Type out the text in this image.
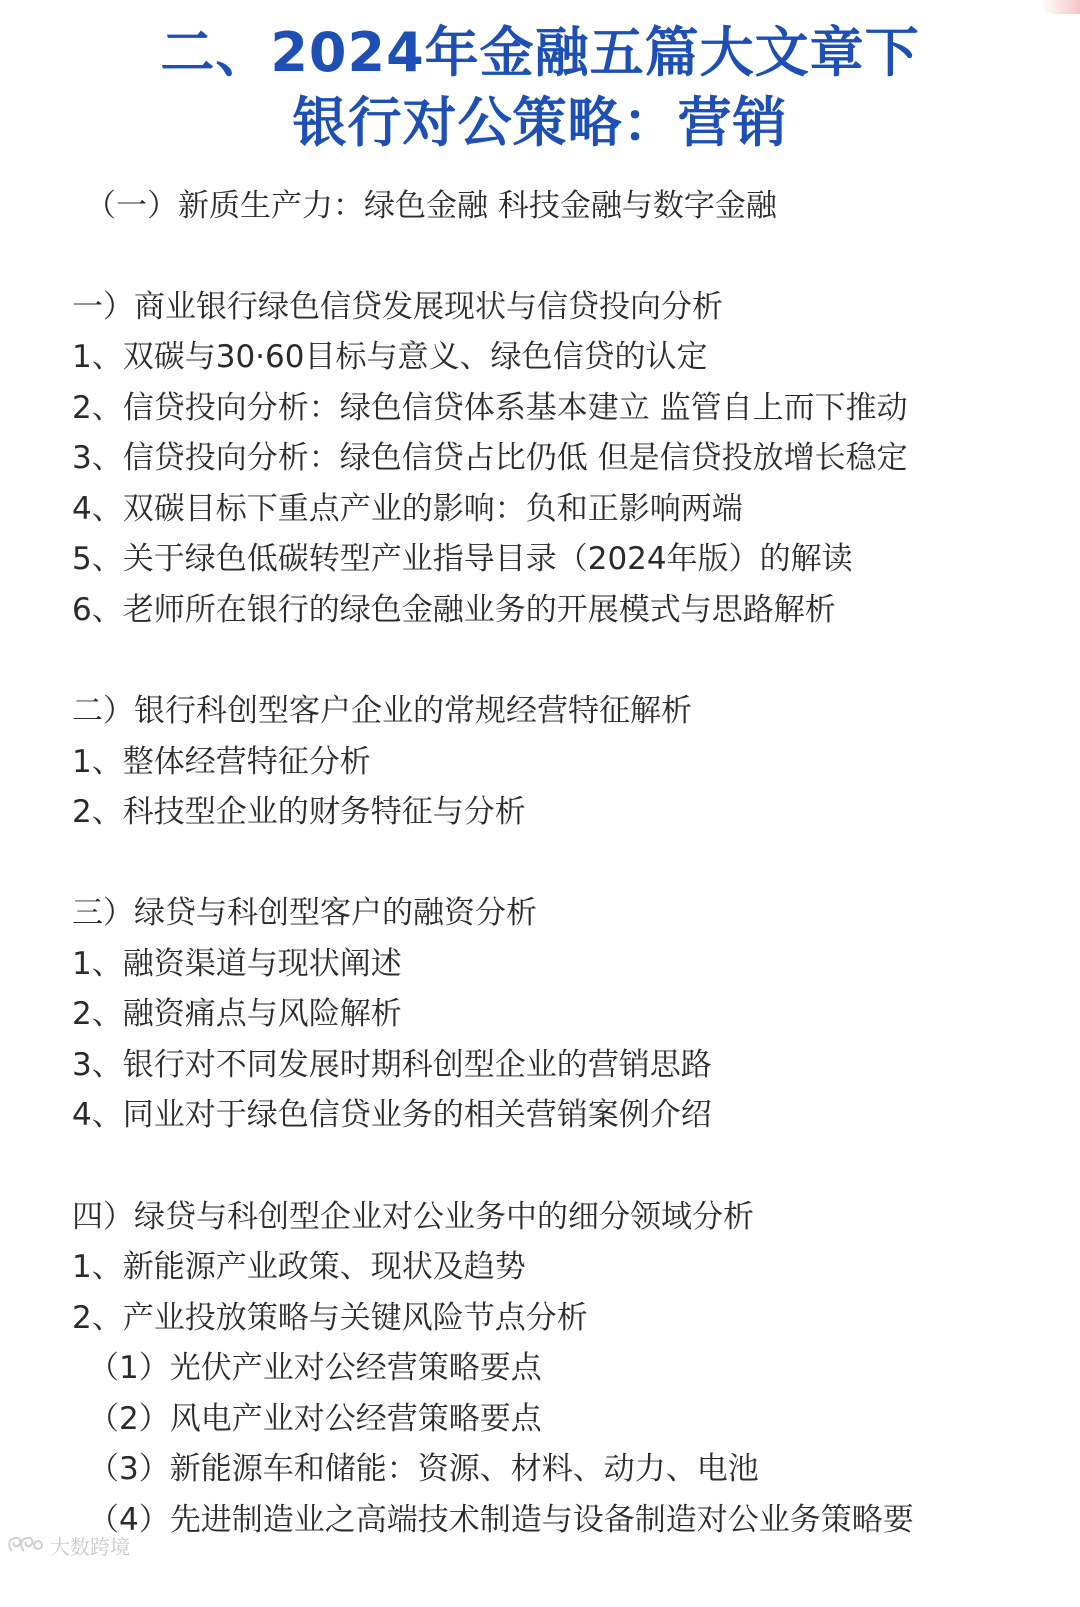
二、2024年金融五篇大文章下
银行对公策略：营销
（一）新质生产力：绿色金融 科技金融与数字金融
一）商业银行绿色信贷发展现状与信贷投向分析
1、双碳与30·60目标与意义、绿色信贷的认定
2、信贷投向分析：绿色信贷体系基本建立 监管自上而下推动
3、信贷投向分析：绿色信贷占比仍低 但是信贷投放增长稳定
4、双碳目标下重点产业的影响：负和正影响两端
5、关于绿色低碳转型产业指导目录（2024年版）的解读
6、老师所在银行的绿色金融业务的开展模式与思路解析
二）银行科创型客户企业的常规经营特征解析
1、整体经营特征分析
2、科技型企业的财务特征与分析
三）绿贷与科创型客户的融资分析
1、融资渠道与现状阐述
2、融资痛点与风险解析
3、银行对不同发展时期科创型企业的营销思路
4、同业对于绿色信贷业务的相关营销案例介绍
四）绿贷与科创型企业对公业务中的细分领域分析
1、新能源产业政策、现状及趋势
2、产业投放策略与关键风险节点分析
（1）光伏产业对公经营策略要点
（2）风电产业对公经营策略要点
（3）新能源车和储能：资源、材料、动力、电池
（4）先进制造业之高端技术制造与设备制造对公业务策略要
大数跨境
